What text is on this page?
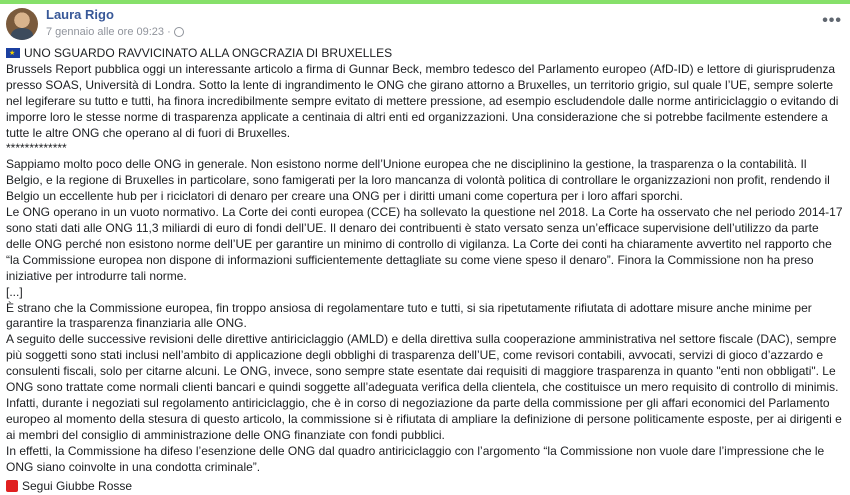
Laura Rigo
7 gennaio alle ore 09:23 ·
•••

★UNO SGUARDO RAVVICINATO ALLA ONGCRAZIA DI BRUXELLES

Brussels Report pubblica oggi un interessante articolo a firma di Gunnar Beck, membro tedesco del Parlamento europeo (AfD-ID) e lettore di giurisprudenza presso SOAS, Università di Londra. Sotto la lente di ingrandimento le ONG che girano attorno a Bruxelles, un territorio grigio, sul quale l’UE, sempre solerte nel legiferare su tutto e tutti, ha finora incredibilmente sempre evitato di mettere pressione, ad esempio escludendole dalle norme antiriciclaggio o evitando di imporre loro le stesse norme di trasparenza applicate a centinaia di altri enti ed organizzazioni. Una considerazione che si potrebbe facilmente estendere a tutte le altre ONG che operano al di fuori di Bruxelles.

*************

Sappiamo molto poco delle ONG in generale. Non esistono norme dell’Unione europea che ne disciplinino la gestione, la trasparenza o la contabilità. Il Belgio, e la regione di Bruxelles in particolare, sono famigerati per la loro mancanza di volontà politica di controllare le organizzazioni non profit, rendendo il Belgio un eccellente hub per i riciclatori di denaro per creare una ONG per i diritti umani come copertura per i loro affari sporchi.

Le ONG operano in un vuoto normativo. La Corte dei conti europea (CCE) ha sollevato la questione nel 2018. La Corte ha osservato che nel periodo 2014-17 sono stati dati alle ONG 11,3 miliardi di euro di fondi dell’UE. Il denaro dei contribuenti è stato versato senza un’efficace supervisione dell’utilizzo da parte delle ONG perché non esistono norme dell’UE per garantire un minimo di controllo di vigilanza. La Corte dei conti ha chiaramente avvertito nel rapporto che “la Commissione europea non dispone di informazioni sufficientemente dettagliate su come viene speso il denaro”. Finora la Commissione non ha preso iniziative per introdurre tali norme.

[...]

È strano che la Commissione europea, fin troppo ansiosa di regolamentare tuto e tutti, si sia ripetutamente rifiutata di adottare misure anche minime per garantire la trasparenza finanziaria alle ONG.

A seguito delle successive revisioni delle direttive antiriciclaggio (AMLD) e della direttiva sulla cooperazione amministrativa nel settore fiscale (DAC), sempre più soggetti sono stati inclusi nell’ambito di applicazione degli obblighi di trasparenza dell’UE, come revisori contabili, avvocati, servizi di gioco d’azzardo e consulenti fiscali, solo per citarne alcuni. Le ONG, invece, sono sempre state esentate dai requisiti di maggiore trasparenza in quanto "enti non obbligati". Le ONG sono trattate come normali clienti bancari e quindi soggette all’adeguata verifica della clientela, che costituisce un mero requisito di controllo di minimis. Infatti, durante i negoziati sul regolamento antiriciclaggio, che è in corso di negoziazione da parte della commissione per gli affari economici del Parlamento europeo al momento della stesura di questo articolo, la commissione si è rifiutata di ampliare la definizione di persone politicamente esposte, per ai dirigenti e ai membri del consiglio di amministrazione delle ONG finanziate con fondi pubblici.

In effetti, la Commissione ha difeso l’esenzione delle ONG dal quadro antiriciclaggio con l’argomento “la Commissione non vuole dare l’impressione che le ONG siano coinvolte in una condotta criminale”.

Segui Giubbe Rosse
